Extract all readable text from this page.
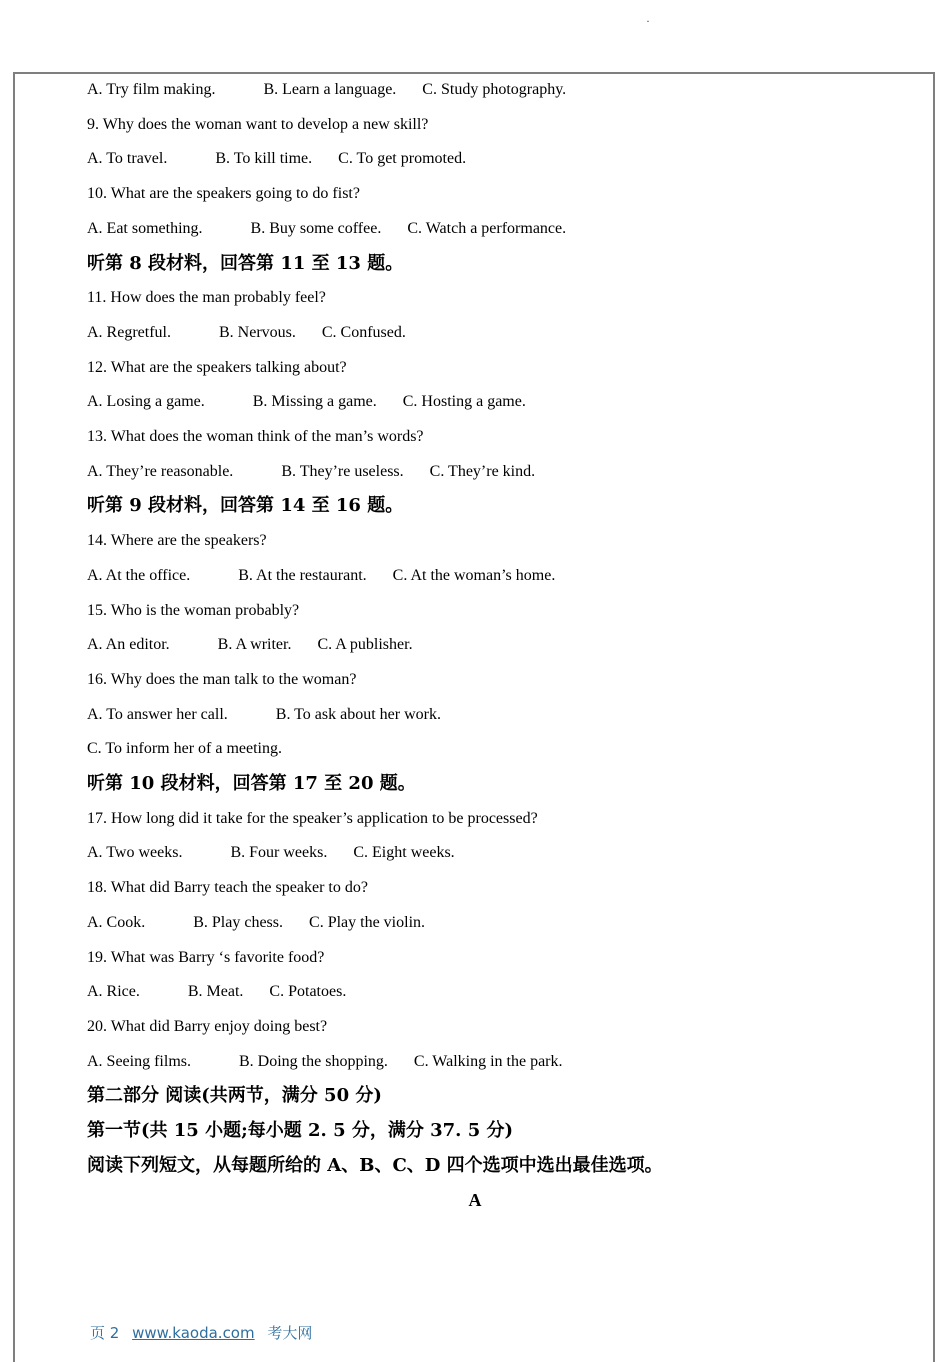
·
A. Try film making.	B. Learn a language. C. Study photography.
9. Why does the woman want to develop a new skill?
A. To travel.	B. To kill time. C. To get promoted.
10. What are the speakers going to do fist?
A. Eat something.	B. Buy some coffee. C. Watch a performance.
听第 8 段材料，回答第 11 至 13 题。
11. How does the man probably feel?
A. Regretful.	B. Nervous. C. Confused.
12. What are the speakers talking about?
A. Losing a game.	B. Missing a game. C. Hosting a game.
13. What does the woman think of the man’s words?
A. They’re reasonable.	B. They’re useless. C. They’re kind.
听第 9 段材料，回答第 14 至 16 题。
14. Where are the speakers?
A. At the office.	B. At the restaurant. C. At the woman’s home.
15. Who is the woman probably?
A. An editor.	B. A writer. C. A publisher.
16. Why does the man talk to the woman?
A. To answer her call.	B. To ask about her work.
C. To inform her of a meeting.
听第 10 段材料，回答第 17 至 20 题。
17. How long did it take for the speaker’s application to be processed?
A. Two weeks.	B. Four weeks. C. Eight weeks.
18. What did Barry teach the speaker to do?
A. Cook.	B. Play chess. C. Play the violin.
19. What was Barry ‘s favorite food?
A. Rice.	B. Meat. C. Potatoes.
20. What did Barry enjoy doing best?
A. Seeing films.	B. Doing the shopping. C. Walking in the park.
第二部分 阅读(共两节，满分 50 分)
第一节(共 15 小题;每小题 2. 5 分，满分 37. 5 分)
阅读下列短文，从每题所给的 A、B、C、D 四个选项中选出最佳选项。
A
页 2 www.kaoda.com 考大网
